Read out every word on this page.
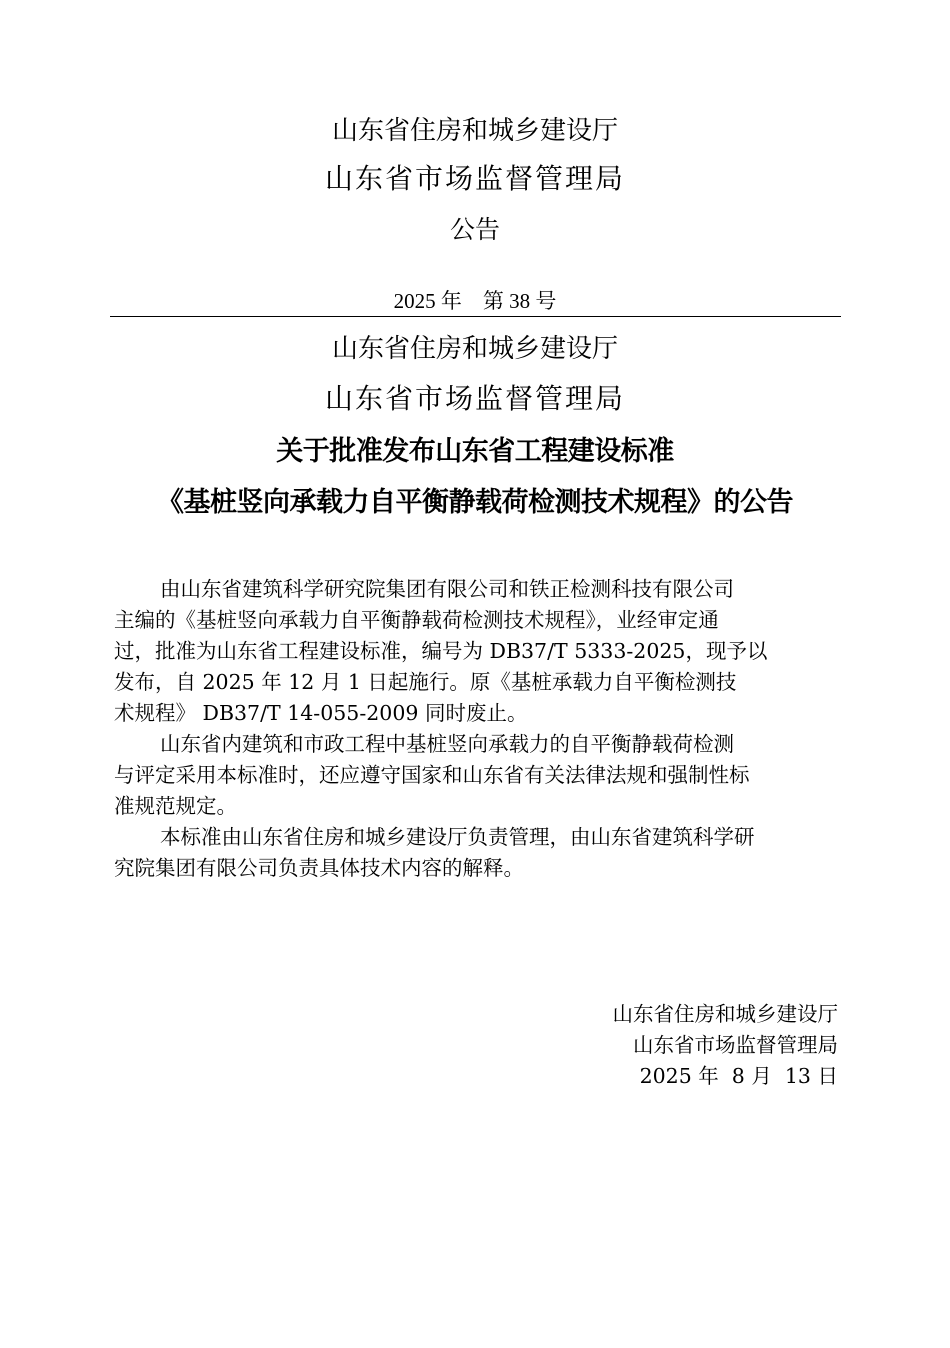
山东省住房和城乡建设厅
山东省市场监督管理局
公告
2025 年    第 38 号
山东省住房和城乡建设厅
山东省市场监督管理局
关于批准发布山东省工程建设标准
《基桩竖向承载力自平衡静载荷检测技术规程》的公告
由山东省建筑科学研究院集团有限公司和铁正检测科技有限公司
主编的《基桩竖向承载力自平衡静载荷检测技术规程》，业经审定通
过，批准为山东省工程建设标准，编号为 DB37/T 5333-2025，现予以
发布，自 2025 年 12 月 1 日起施行。原《基桩承载力自平衡检测技
术规程》 DB37/T 14-055-2009 同时废止。
山东省内建筑和市政工程中基桩竖向承载力的自平衡静载荷检测
与评定采用本标准时，还应遵守国家和山东省有关法律法规和强制性标
准规范规定。
本标准由山东省住房和城乡建设厅负责管理，由山东省建筑科学研
究院集团有限公司负责具体技术内容的解释。
山东省住房和城乡建设厅
山东省市场监督管理局
2025 年  8 月  13 日
